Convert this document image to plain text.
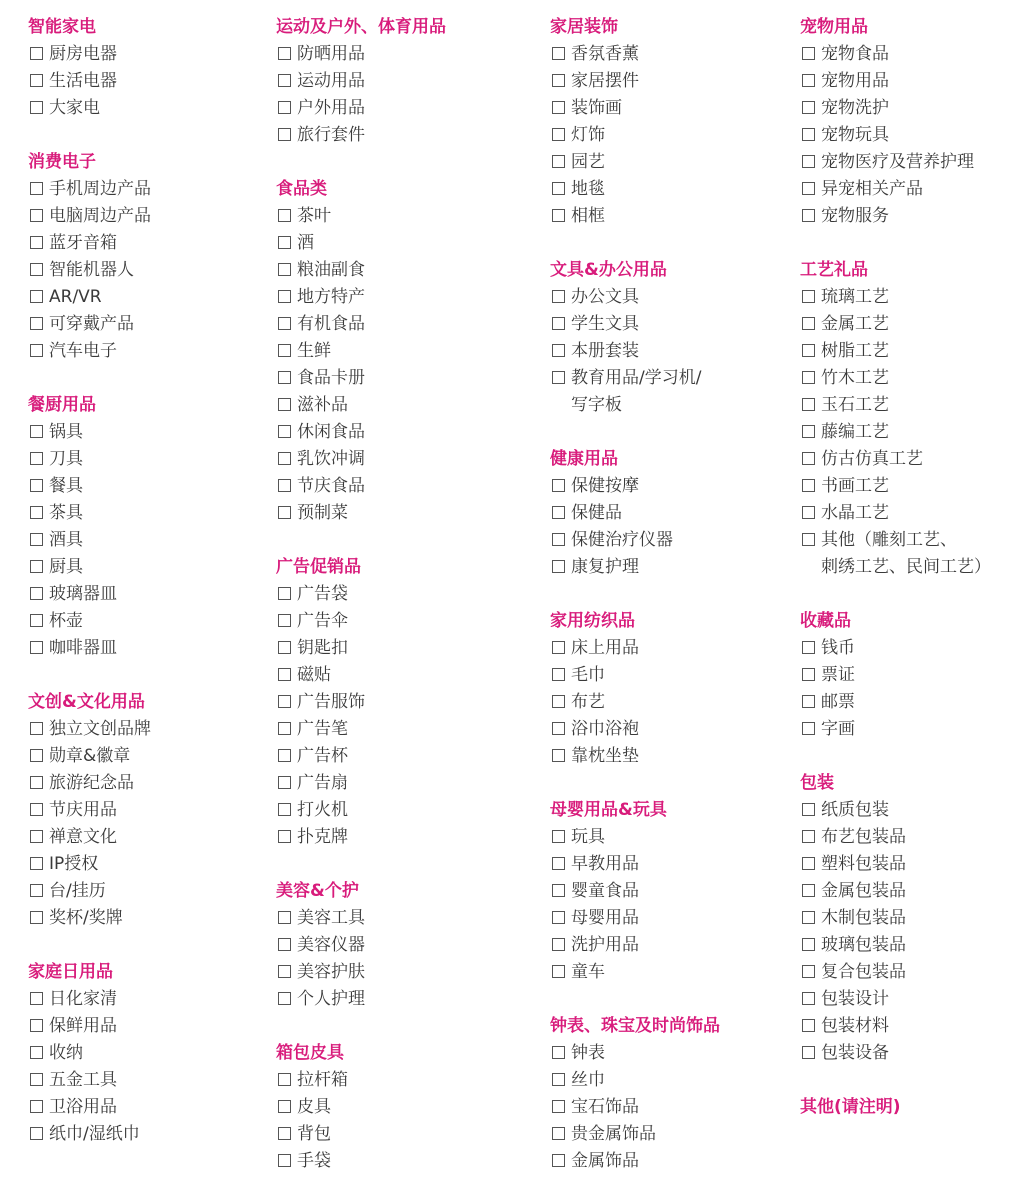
智能家电
厨房电器
生活电器
大家电
消费电子
手机周边产品
电脑周边产品
蓝牙音箱
智能机器人
AR/VR
可穿戴产品
汽车电子
餐厨用品
锅具
刀具
餐具
茶具
酒具
厨具
玻璃器皿
杯壶
咖啡器皿
文创&文化用品
独立文创品牌
勋章&徽章
旅游纪念品
节庆用品
禅意文化
IP授权
台/挂历
奖杯/奖牌
家庭日用品
日化家清
保鲜用品
收纳
五金工具
卫浴用品
纸巾/湿纸巾
运动及户外、体育用品
防晒用品
运动用品
户外用品
旅行套件
食品类
茶叶
酒
粮油副食
地方特产
有机食品
生鲜
食品卡册
滋补品
休闲食品
乳饮冲调
节庆食品
预制菜
广告促销品
广告袋
广告伞
钥匙扣
磁贴
广告服饰
广告笔
广告杯
广告扇
打火机
扑克牌
美容&个护
美容工具
美容仪器
美容护肤
个人护理
箱包皮具
拉杆箱
皮具
背包
手袋
家居装饰
香氛香薰
家居摆件
装饰画
灯饰
园艺
地毯
相框
文具&办公用品
办公文具
学生文具
本册套装
教育用品/学习机/
写字板
健康用品
保健按摩
保健品
保健治疗仪器
康复护理
家用纺织品
床上用品
毛巾
布艺
浴巾浴袍
靠枕坐垫
母婴用品&玩具
玩具
早教用品
婴童食品
母婴用品
洗护用品
童车
钟表、珠宝及时尚饰品
钟表
丝巾
宝石饰品
贵金属饰品
金属饰品
宠物用品
宠物食品
宠物用品
宠物洗护
宠物玩具
宠物医疗及营养护理
异宠相关产品
宠物服务
工艺礼品
琉璃工艺
金属工艺
树脂工艺
竹木工艺
玉石工艺
藤编工艺
仿古仿真工艺
书画工艺
水晶工艺
其他（雕刻工艺、
刺绣工艺、民间工艺）
收藏品
钱币
票证
邮票
字画
包装
纸质包装
布艺包装品
塑料包装品
金属包装品
木制包装品
玻璃包装品
复合包装品
包装设计
包装材料
包装设备
其他(请注明)
